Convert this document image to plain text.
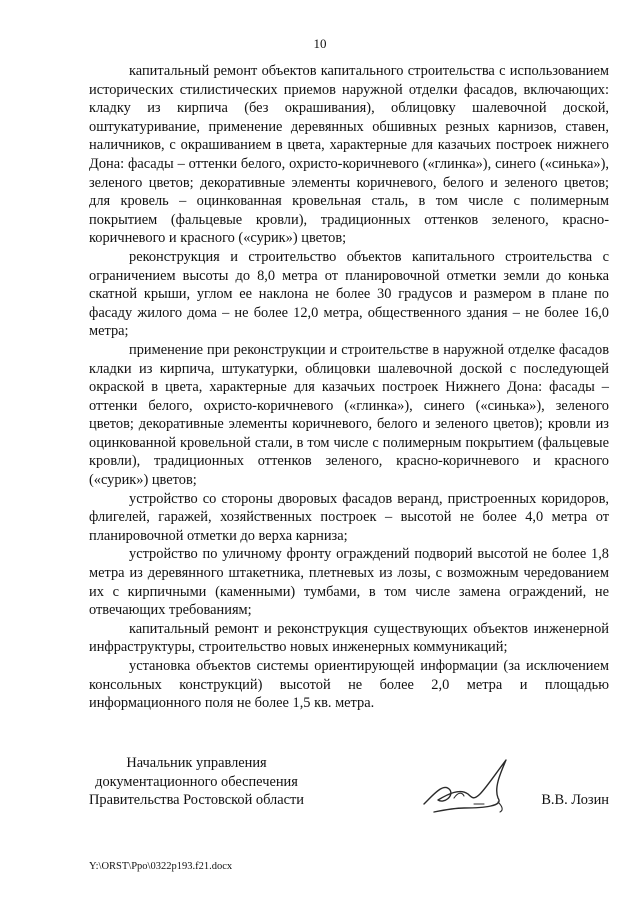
10

капитальный ремонт объектов капитального строительства с использованием исторических стилистических приемов наружной отделки фасадов, включающих: кладку из кирпича (без окрашивания), облицовку шалевочной доской, оштукатуривание, применение деревянных обшивных резных карнизов, ставен, наличников, с окрашиванием в цвета, характерные для казачьих построек нижнего Дона: фасады – оттенки белого, охристо-коричневого («глинка»), синего («синька»), зеленого цветов; декоративные элементы коричневого, белого и зеленого цветов; для кровель – оцинкованная кровельная сталь, в том числе с полимерным покрытием (фальцевые кровли), традиционных оттенков зеленого, красно-коричневого и красного («сурик») цветов;

реконструкция и строительство объектов капитального строительства с ограничением высоты до 8,0 метра от планировочной отметки земли до конька скатной крыши, углом ее наклона не более 30 градусов и размером в плане по фасаду жилого дома – не более 12,0 метра, общественного здания – не более 16,0 метра;

применение при реконструкции и строительстве в наружной отделке фасадов кладки из кирпича, штукатурки, облицовки шалевочной доской с последующей окраской в цвета, характерные для казачьих построек Нижнего Дона: фасады – оттенки белого, охристо-коричневого («глинка»), синего («синька»), зеленого цветов; декоративные элементы коричневого, белого и зеленого цветов); кровли из оцинкованной кровельной стали, в том числе с полимерным покрытием (фальцевые кровли), традиционных оттенков зеленого, красно-коричневого и красного («сурик») цветов;

устройство со стороны дворовых фасадов веранд, пристроенных коридоров, флигелей, гаражей, хозяйственных построек – высотой не более 4,0 метра от планировочной отметки до верха карниза;

устройство по уличному фронту ограждений подворий высотой не более 1,8 метра из деревянного штакетника, плетневых из лозы, с возможным чередованием их с кирпичными (каменными) тумбами, в том числе замена ограждений, не отвечающих требованиям;

капитальный ремонт и реконструкция существующих объектов инженерной инфраструктуры, строительство новых инженерных коммуникаций;

установка объектов системы ориентирующей информации (за исключением консольных конструкций) высотой не более 2,0 метра и площадью информационного поля не более 1,5 кв. метра.

Начальник управления
документационного обеспечения
Правительства Ростовской области	В.В. Лозин
Y:\ORST\Ppo\0322p193.f21.docx
